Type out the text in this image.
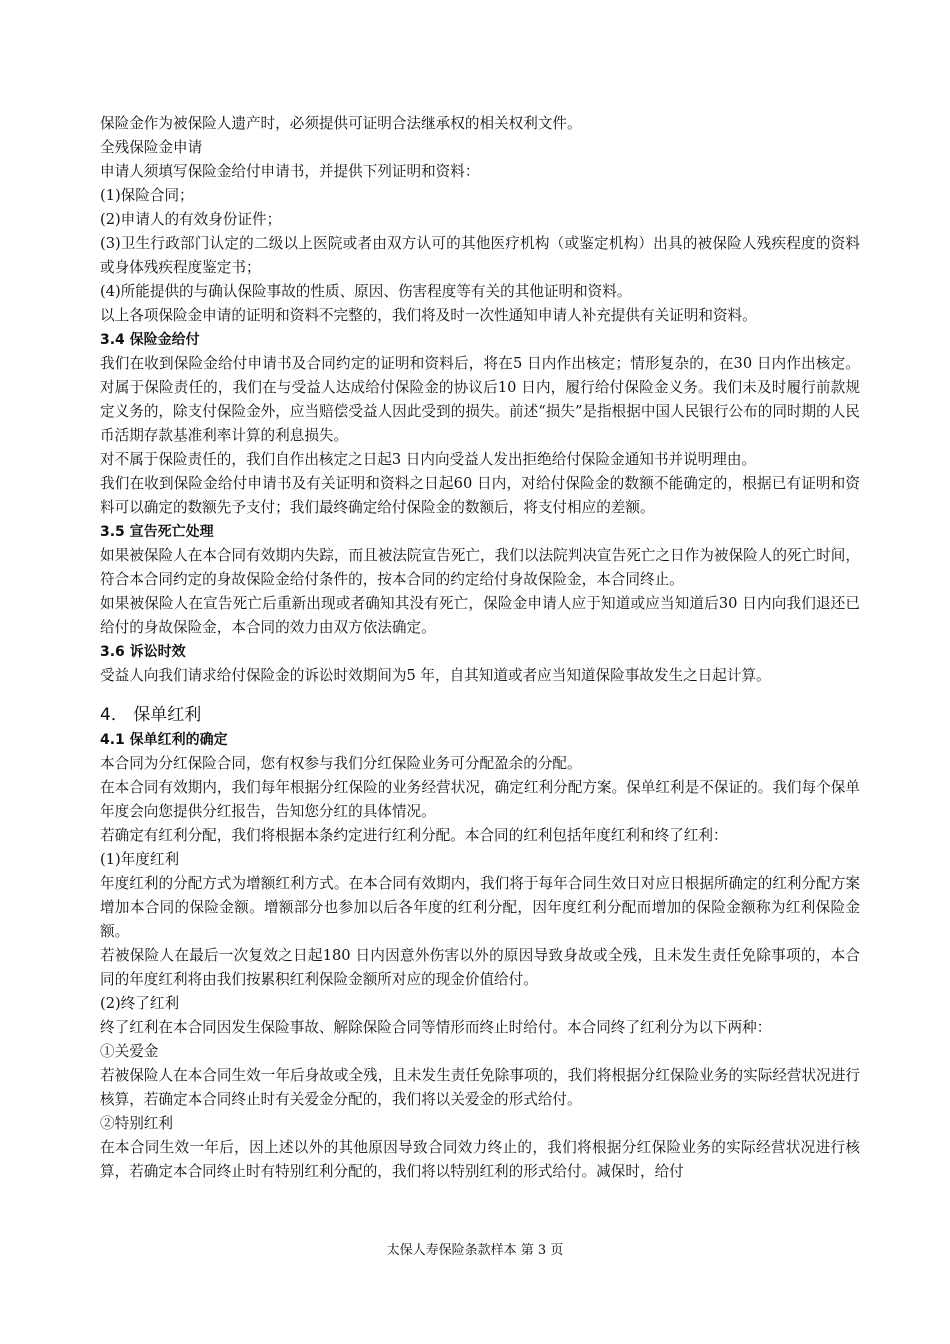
保险金作为被保险人遗产时，必须提供可证明合法继承权的相关权利文件。

全残保险金申请

申请人须填写保险金给付申请书，并提供下列证明和资料：

(1)保险合同；

(2)申请人的有效身份证件；

(3)卫生行政部门认定的二级以上医院或者由双方认可的其他医疗机构（或鉴定机构）出具的被保险人残疾程度的资料或身体残疾程度鉴定书；

(4)所能提供的与确认保险事故的性质、原因、伤害程度等有关的其他证明和资料。

以上各项保险金申请的证明和资料不完整的，我们将及时一次性通知申请人补充提供有关证明和资料。

3.4 保险金给付

我们在收到保险金给付申请书及合同约定的证明和资料后，将在5 日内作出核定；情形复杂的，在30 日内作出核定。对属于保险责任的，我们在与受益人达成给付保险金的协议后10 日内，履行给付保险金义务。我们未及时履行前款规定义务的，除支付保险金外，应当赔偿受益人因此受到的损失。前述“损失”是指根据中国人民银行公布的同时期的人民币活期存款基准利率计算的利息损失。

对不属于保险责任的，我们自作出核定之日起3 日内向受益人发出拒绝给付保险金通知书并说明理由。

我们在收到保险金给付申请书及有关证明和资料之日起60 日内，对给付保险金的数额不能确定的，根据已有证明和资料可以确定的数额先予支付；我们最终确定给付保险金的数额后，将支付相应的差额。

3.5 宣告死亡处理

如果被保险人在本合同有效期内失踪，而且被法院宣告死亡，我们以法院判决宣告死亡之日作为被保险人的死亡时间，符合本合同约定的身故保险金给付条件的，按本合同的约定给付身故保险金，本合同终止。

如果被保险人在宣告死亡后重新出现或者确知其没有死亡，保险金申请人应于知道或应当知道后30 日内向我们退还已给付的身故保险金，本合同的效力由双方依法确定。

3.6 诉讼时效

受益人向我们请求给付保险金的诉讼时效期间为5 年，自其知道或者应当知道保险事故发生之日起计算。

4． 保单红利

4.1 保单红利的确定

本合同为分红保险合同，您有权参与我们分红保险业务可分配盈余的分配。

在本合同有效期内，我们每年根据分红保险的业务经营状况，确定红利分配方案。保单红利是不保证的。我们每个保单年度会向您提供分红报告，告知您分红的具体情况。

若确定有红利分配，我们将根据本条约定进行红利分配。本合同的红利包括年度红利和终了红利：

(1)年度红利

年度红利的分配方式为增额红利方式。在本合同有效期内，我们将于每年合同生效日对应日根据所确定的红利分配方案增加本合同的保险金额。增额部分也参加以后各年度的红利分配，因年度红利分配而增加的保险金额称为红利保险金额。

若被保险人在最后一次复效之日起180 日内因意外伤害以外的原因导致身故或全残，且未发生责任免除事项的，本合同的年度红利将由我们按累积红利保险金额所对应的现金价值给付。

(2)终了红利

终了红利在本合同因发生保险事故、解除保险合同等情形而终止时给付。本合同终了红利分为以下两种：

①关爱金

若被保险人在本合同生效一年后身故或全残，且未发生责任免除事项的，我们将根据分红保险业务的实际经营状况进行核算，若确定本合同终止时有关爱金分配的，我们将以关爱金的形式给付。

②特别红利

在本合同生效一年后，因上述以外的其他原因导致合同效力终止的，我们将根据分红保险业务的实际经营状况进行核算，若确定本合同终止时有特别红利分配的，我们将以特别红利的形式给付。减保时，给付

太保人寿保险条款样本 第 3 页
